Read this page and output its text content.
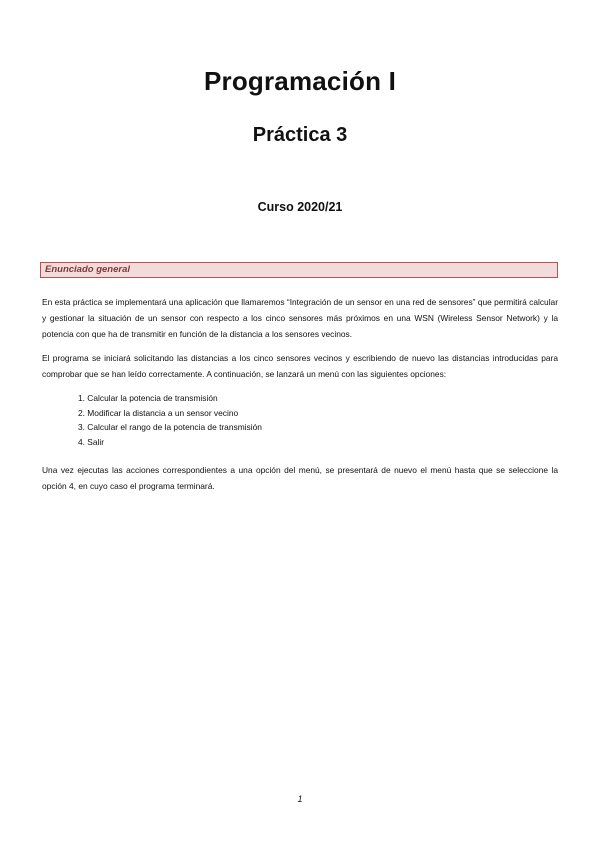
Programación I
Práctica 3
Curso 2020/21
Enunciado general

En esta práctica se implementará una aplicación que llamaremos “Integración de un sensor en una red de sensores” que permitirá calcular y gestionar la situación de un sensor con respecto a los cinco sensores más próximos en una WSN (Wireless Sensor Network) y la potencia con que ha de transmitir en función de la distancia a los sensores vecinos.

El programa se iniciará solicitando las distancias a los cinco sensores vecinos y escribiendo de nuevo las distancias introducidas para comprobar que se han leído correctamente. A continuación, se lanzará un menú con las siguientes opciones:

1. Calcular la potencia de transmisión
2. Modificar la distancia a un sensor vecino
3. Calcular el rango de la potencia de transmisión
4. Salir

Una vez ejecutas las acciones correspondientes a una opción del menú, se presentará de nuevo el menú hasta que se seleccione la opción 4, en cuyo caso el programa terminará.

1
